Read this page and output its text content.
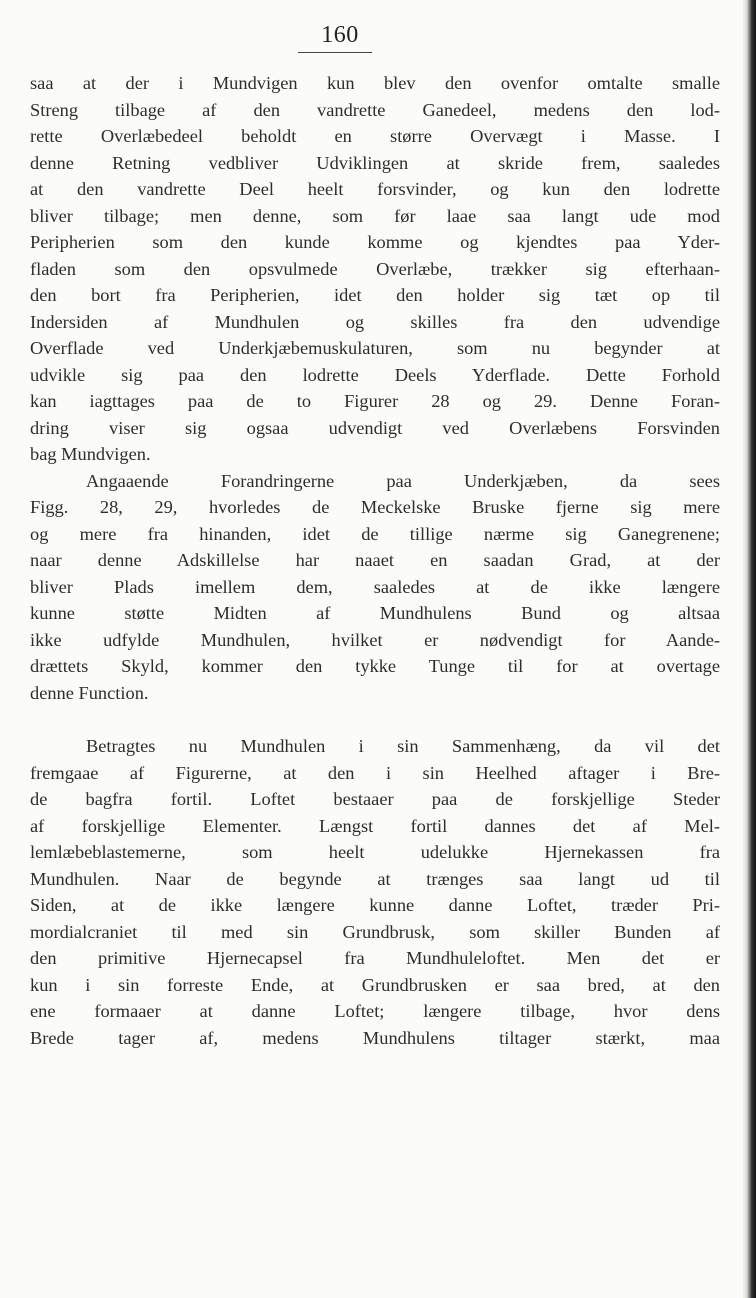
160
saa at der i Mundvigen kun blev den ovenfor omtalte smalle
Streng tilbage af den vandrette Ganedeel, medens den lod-
rette Overlæbedeel beholdt en større Overvægt i Masse. I
denne Retning vedbliver Udviklingen at skride frem, saaledes
at den vandrette Deel heelt forsvinder, og kun den lodrette
bliver tilbage; men denne, som før laae saa langt ude mod
Peripherien som den kunde komme og kjendtes paa Yder-
fladen som den opsvulmede Overlæbe, trækker sig efterhaan-
den bort fra Peripherien, idet den holder sig tæt op til
Indersiden af Mundhulen og skilles fra den udvendige
Overflade ved Underkjæbemuskulaturen, som nu begynder at
udvikle sig paa den lodrette Deels Yderflade. Dette Forhold
kan iagttages paa de to Figurer 28 og 29. Denne Foran-
dring viser sig ogsaa udvendigt ved Overlæbens Forsvinden
bag Mundvigen.
Angaaende Forandringerne paa Underkjæben, da sees
Figg. 28, 29, hvorledes de Meckelske Bruske fjerne sig mere
og mere fra hinanden, idet de tillige nærme sig Ganegrenene;
naar denne Adskillelse har naaet en saadan Grad, at der
bliver Plads imellem dem, saaledes at de ikke længere
kunne støtte Midten af Mundhulens Bund og altsaa
ikke udfylde Mundhulen, hvilket er nødvendigt for Aande-
drættets Skyld, kommer den tykke Tunge til for at overtage
denne Function.
Betragtes nu Mundhulen i sin Sammenhæng, da vil det
fremgaae af Figurerne, at den i sin Heelhed aftager i Bre-
de bagfra fortil. Loftet bestaaer paa de forskjellige Steder
af forskjellige Elementer. Længst fortil dannes det af Mel-
lemlæbeblastemerne, som heelt udelukke Hjernekassen fra
Mundhulen. Naar de begynde at trænges saa langt ud til
Siden, at de ikke længere kunne danne Loftet, træder Pri-
mordialcraniet til med sin Grundbrusk, som skiller Bunden af
den primitive Hjernecapsel fra Mundhuleloftet. Men det er
kun i sin forreste Ende, at Grundbrusken er saa bred, at den
ene formaaer at danne Loftet; længere tilbage, hvor dens
Brede tager af, medens Mundhulens tiltager stærkt, maa
